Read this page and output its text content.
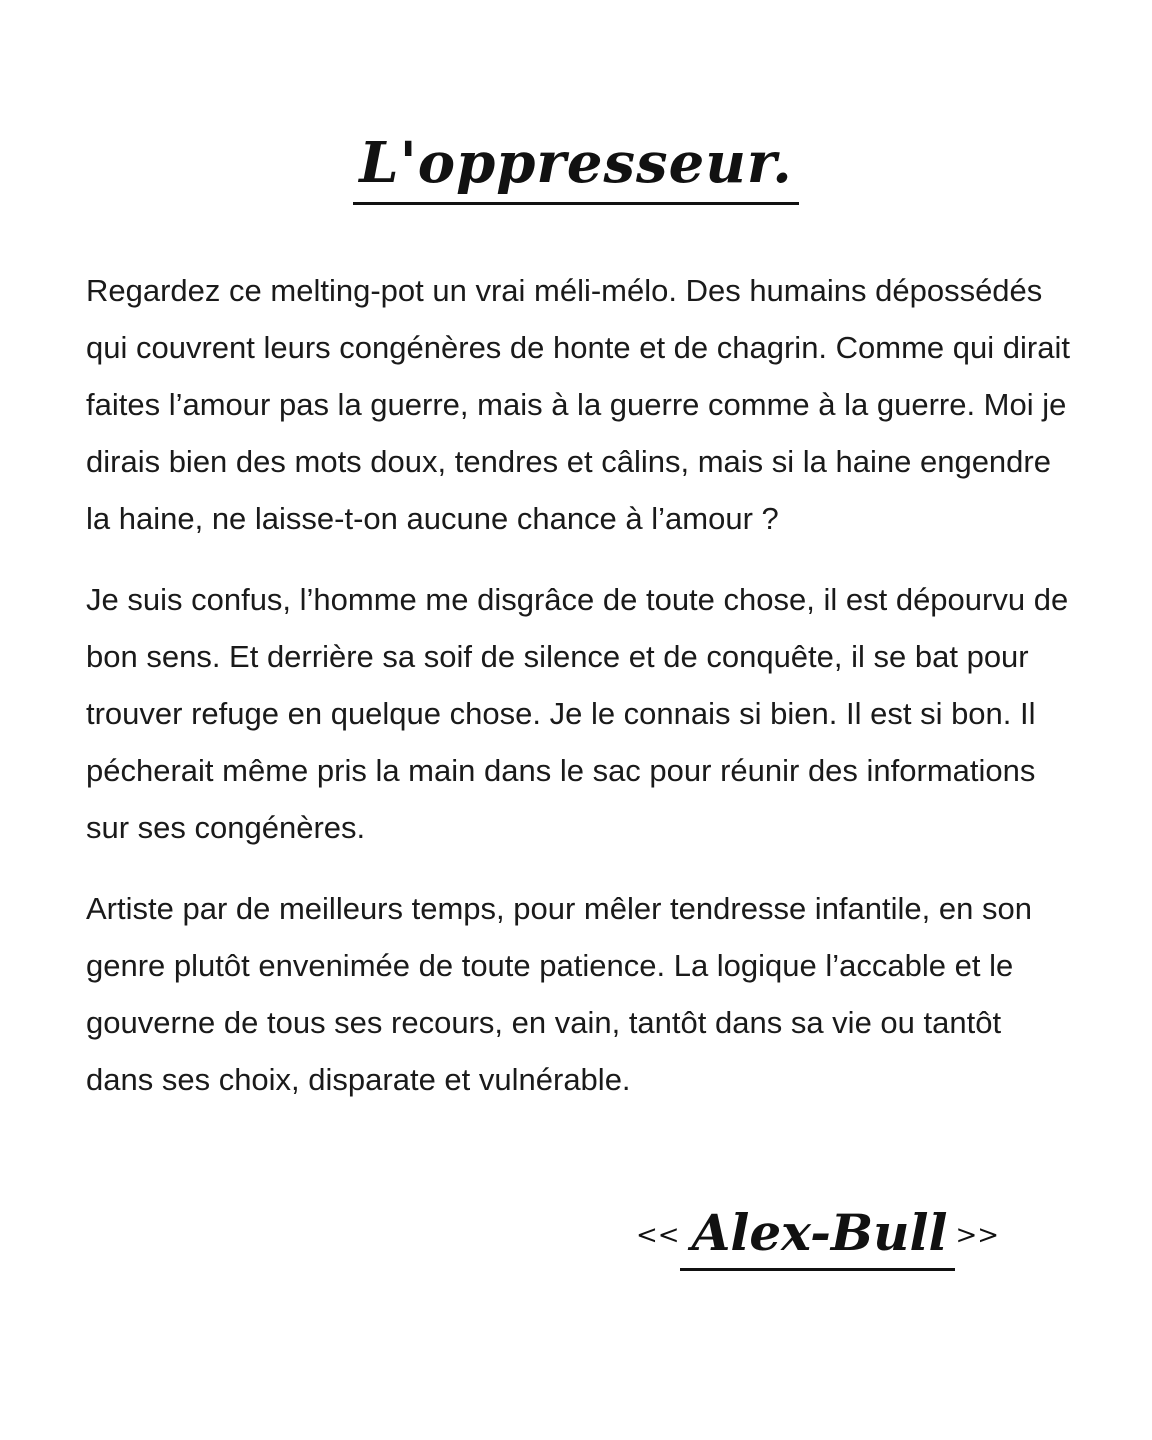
L'oppresseur.

Regardez ce melting-pot un vrai méli-mélo. Des humains dépossédés qui couvrent leurs congénères de honte et de chagrin. Comme qui dirait faites l’amour pas la guerre, mais à la guerre comme à la guerre. Moi je dirais bien des mots doux, tendres et câlins, mais si la haine engendre la haine, ne laisse-t-on aucune chance à l’amour ?

Je suis confus, l’homme me disgrâce de toute chose, il est dépourvu de bon sens. Et derrière sa soif de silence et de conquête, il se bat pour trouver refuge en quelque chose. Je le connais si bien. Il est si bon. Il pécherait même pris la main dans le sac pour réunir des informations sur ses congénères.

Artiste par de meilleurs temps, pour mêler tendresse infantile, en son genre plutôt envenimée de toute patience. La logique l’accable et le gouverne de tous ses recours, en vain, tantôt dans sa vie ou tantôt dans ses choix, disparate et vulnérable.

<< Alex-Bull >>
